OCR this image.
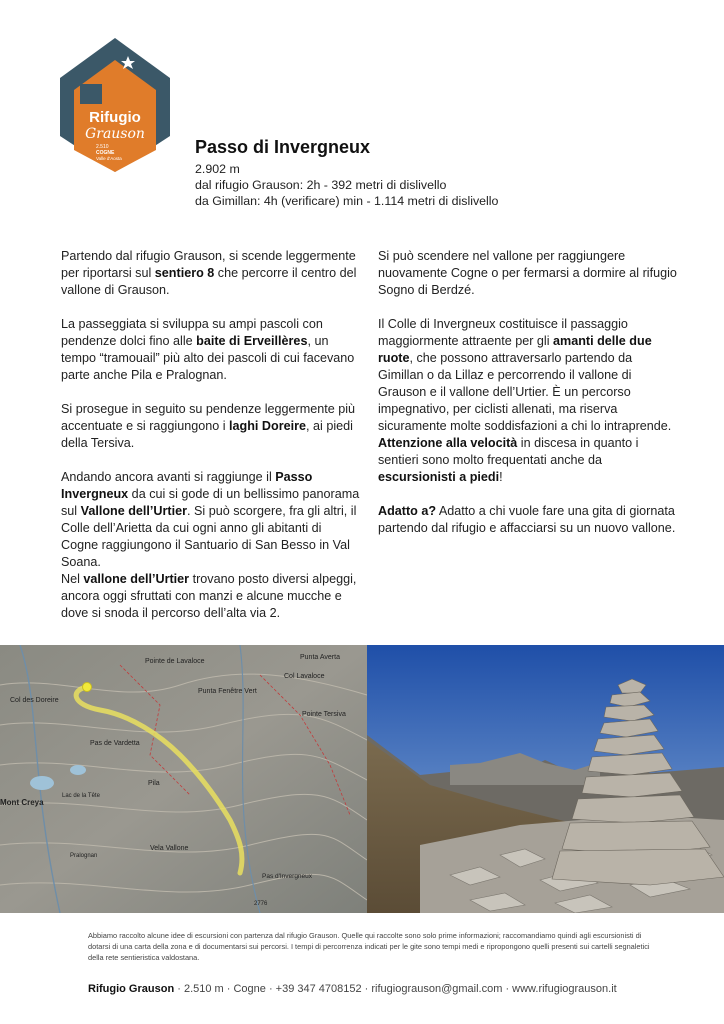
Rifugio
Grauson
2.510
COGNE
Valle d'Aosta
Passo di Invergneux
2.902 m
dal rifugio Grauson: 2h - 392 metri di dislivello
da Gimillan: 4h (verificare) min - 1.114 metri di dislivello

Partendo dal rifugio Grauson, si scende leggermente per riportarsi sul sentiero 8 che percorre il centro del vallone di Grauson.

La passeggiata si sviluppa su ampi pascoli con pendenze dolci fino alle baite di Erveillères, un tempo “tramouail” più alto dei pascoli di cui facevano parte anche Pila e Pralognan.

Si prosegue in seguito su pendenze leggermente più accentuate e si raggiungono i laghi Doreire, ai piedi della Tersiva.

Andando ancora avanti si raggiunge il Passo Invergneux da cui si gode di un bellissimo panorama sul Vallone dell’Urtier. Si può scorgere, fra gli altri, il Colle dell’Arietta da cui ogni anno gli abitanti di Cogne raggiungono il Santuario di San Besso in Val Soana.

Nel vallone dell’Urtier trovano posto diversi alpeggi, ancora oggi sfruttati con manzi e alcune mucche e dove si snoda il percorso dell’alta via 2.

Si può scendere nel vallone per raggiungere nuovamente Cogne o per fermarsi a dormire al rifugio Sogno di Berdzé.

Il Colle di Invergneux costituisce il passaggio maggiormente attraente per gli amanti delle due ruote, che possono attraversarlo partendo da Gimillan o da Lillaz e percorrendo il vallone di Grauson e il vallone dell’Urtier. È un percorso impegnativo, per ciclisti allenati, ma riserva sicuramente molte soddisfazioni a chi lo intraprende. Attenzione alla velocità in discesa in quanto i sentieri sono molto frequentati anche da escursionisti a piedi!

Adatto a? Adatto a chi vuole fare una gita di giornata partendo dal rifugio e affacciarsi su un nuovo vallone.

Pointe de Lavaloce
Punta Averta
Col Lavaloce
Punta Fenêtre Vert
Pointe Tersiva
Col des Doreire
Pas de Vardetta
Mont Creya
Vela Vallone
Pas d'Invergneux
Pila
Lac de la Tête
Pralognan
2776
Abbiamo raccolto alcune idee di escursioni con partenza dal rifugio Grauson. Quelle qui raccolte sono solo prime informazioni; raccomandiamo quindi agli escursionisti di dotarsi di una carta della zona e di documentarsi sui percorsi. I tempi di percorrenza indicati per le gite sono tempi medi e ripropongono quelli presenti sui cartelli segnaletici della rete sentieristica valdostana.
Rifugio Grauson · 2.510 m · Cogne · +39 347 4708152 · rifugiograuson@gmail.com · www.rifugiograuson.it
